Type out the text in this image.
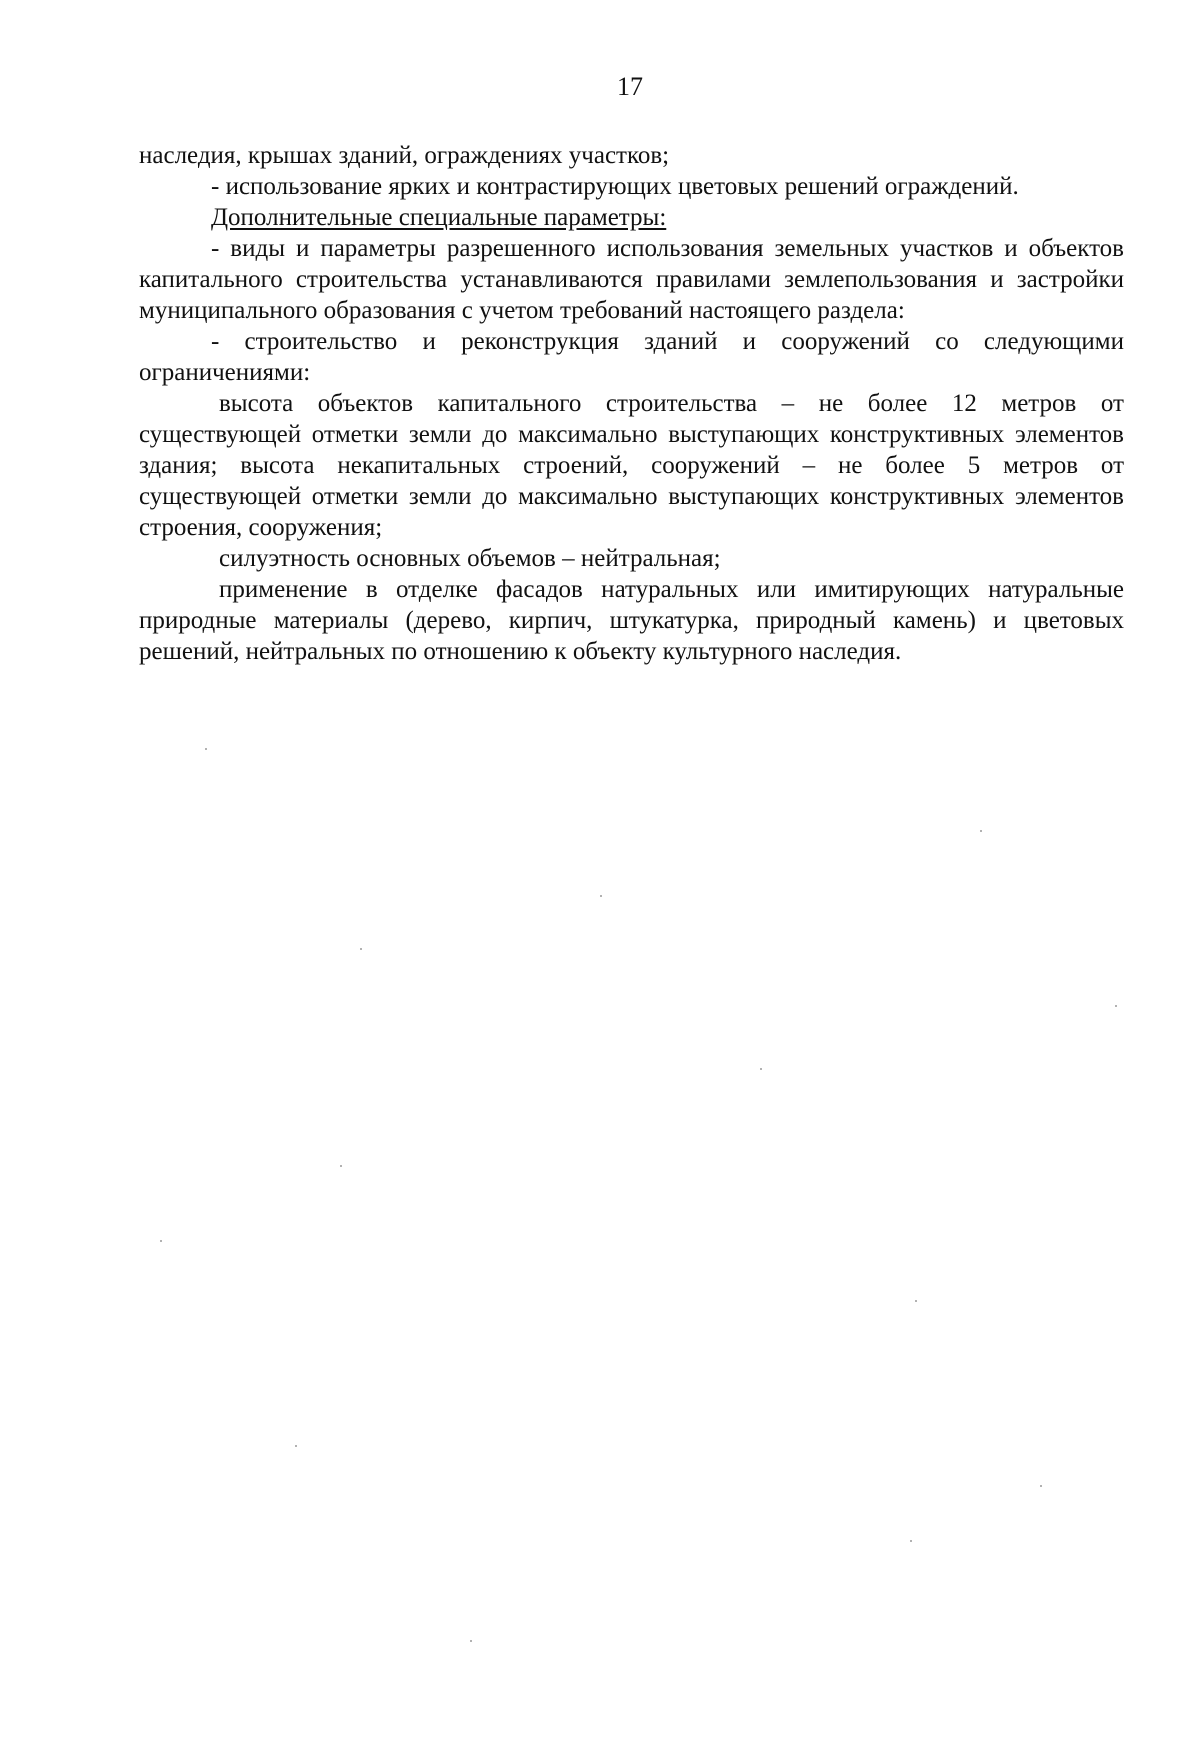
17

наследия, крышах зданий, ограждениях участков;

- использование ярких и контрастирующих цветовых решений ограждений.

Дополнительные специальные параметры:

- виды и параметры разрешенного использования земельных участков и объектов капитального строительства устанавливаются правилами землепользования и застройки муниципального образования с учетом требований настоящего раздела:

- строительство и реконструкция зданий и сооружений со следующими ограничениями:

высота объектов капитального строительства – не более 12 метров от существующей отметки земли до максимально выступающих конструктивных элементов здания; высота некапитальных строений, сооружений – не более 5 метров от существующей отметки земли до максимально выступающих конструктивных элементов строения, сооружения;

силуэтность основных объемов – нейтральная;

применение в отделке фасадов натуральных или имитирующих натуральные природные материалы (дерево, кирпич, штукатурка, природный камень) и цветовых решений, нейтральных по отношению к объекту культурного наследия.
